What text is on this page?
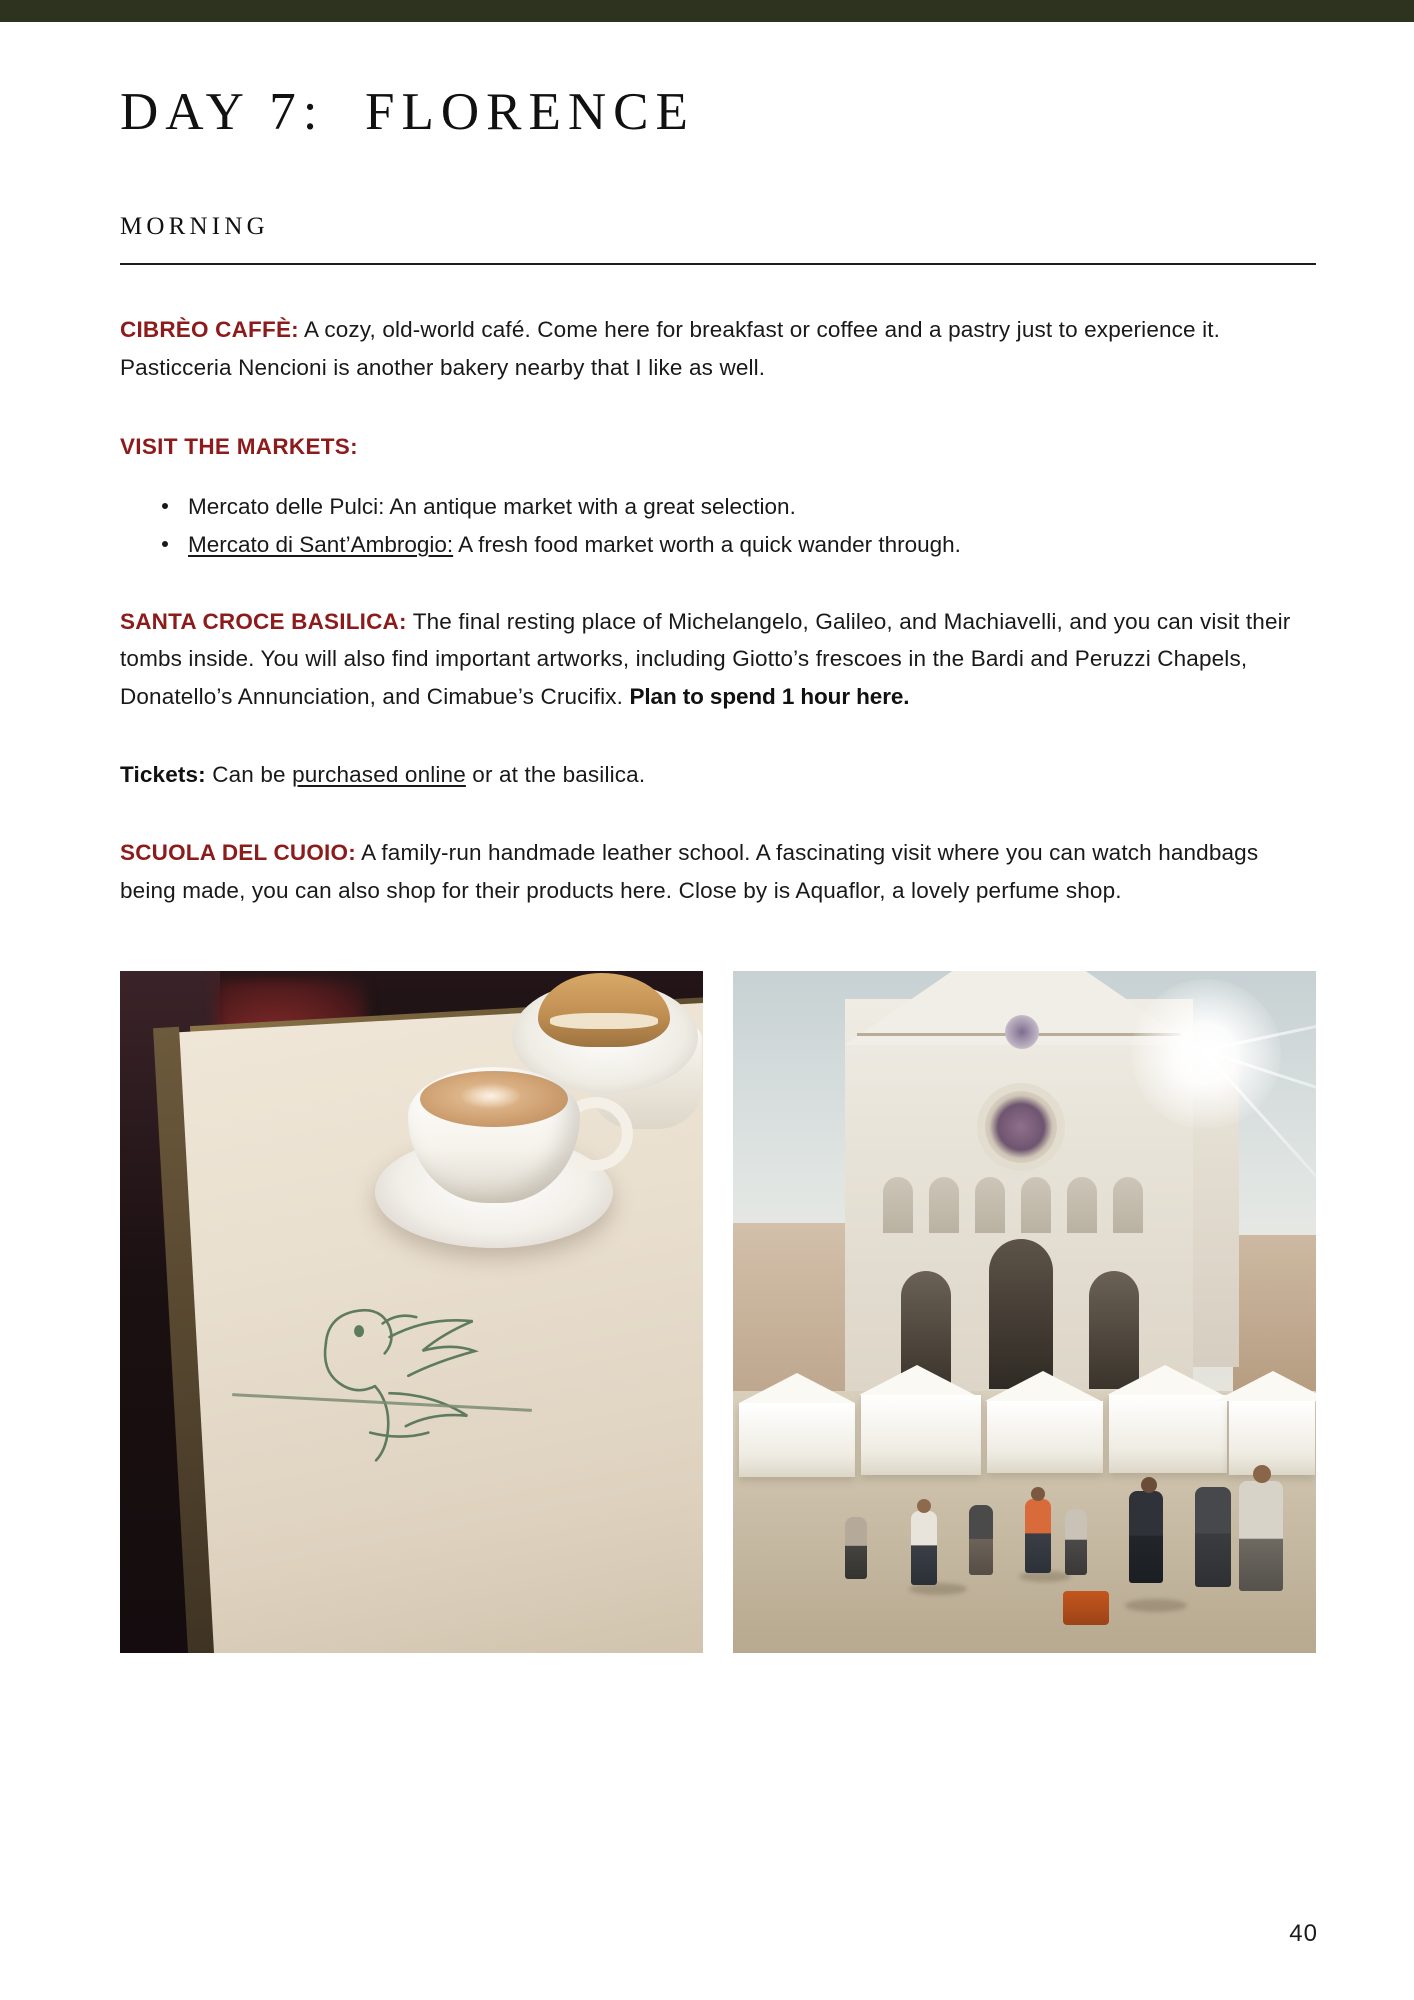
DAY 7:  FLORENCE
MORNING

CIBRÈO CAFFÈ: A cozy, old-world café. Come here for breakfast or coffee and a pastry just to experience it. Pasticceria Nencioni is another bakery nearby that I like as well.

VISIT THE MARKETS:

Mercato delle Pulci: An antique market with a great selection.
Mercato di Sant’Ambrogio: A fresh food market worth a quick wander through.

SANTA CROCE BASILICA: The final resting place of Michelangelo, Galileo, and Machiavelli, and you can visit their tombs inside. You will also find important artworks, including Giotto’s frescoes in the Bardi and Peruzzi Chapels, Donatello’s Annunciation, and Cimabue’s Crucifix. Plan to spend 1 hour here.

Tickets: Can be purchased online or at the basilica.

SCUOLA DEL CUOIO: A family-run handmade leather school. A fascinating visit where you can watch handbags being made, you can also shop for their products here. Close by is Aquaflor, a lovely perfume shop.

40
